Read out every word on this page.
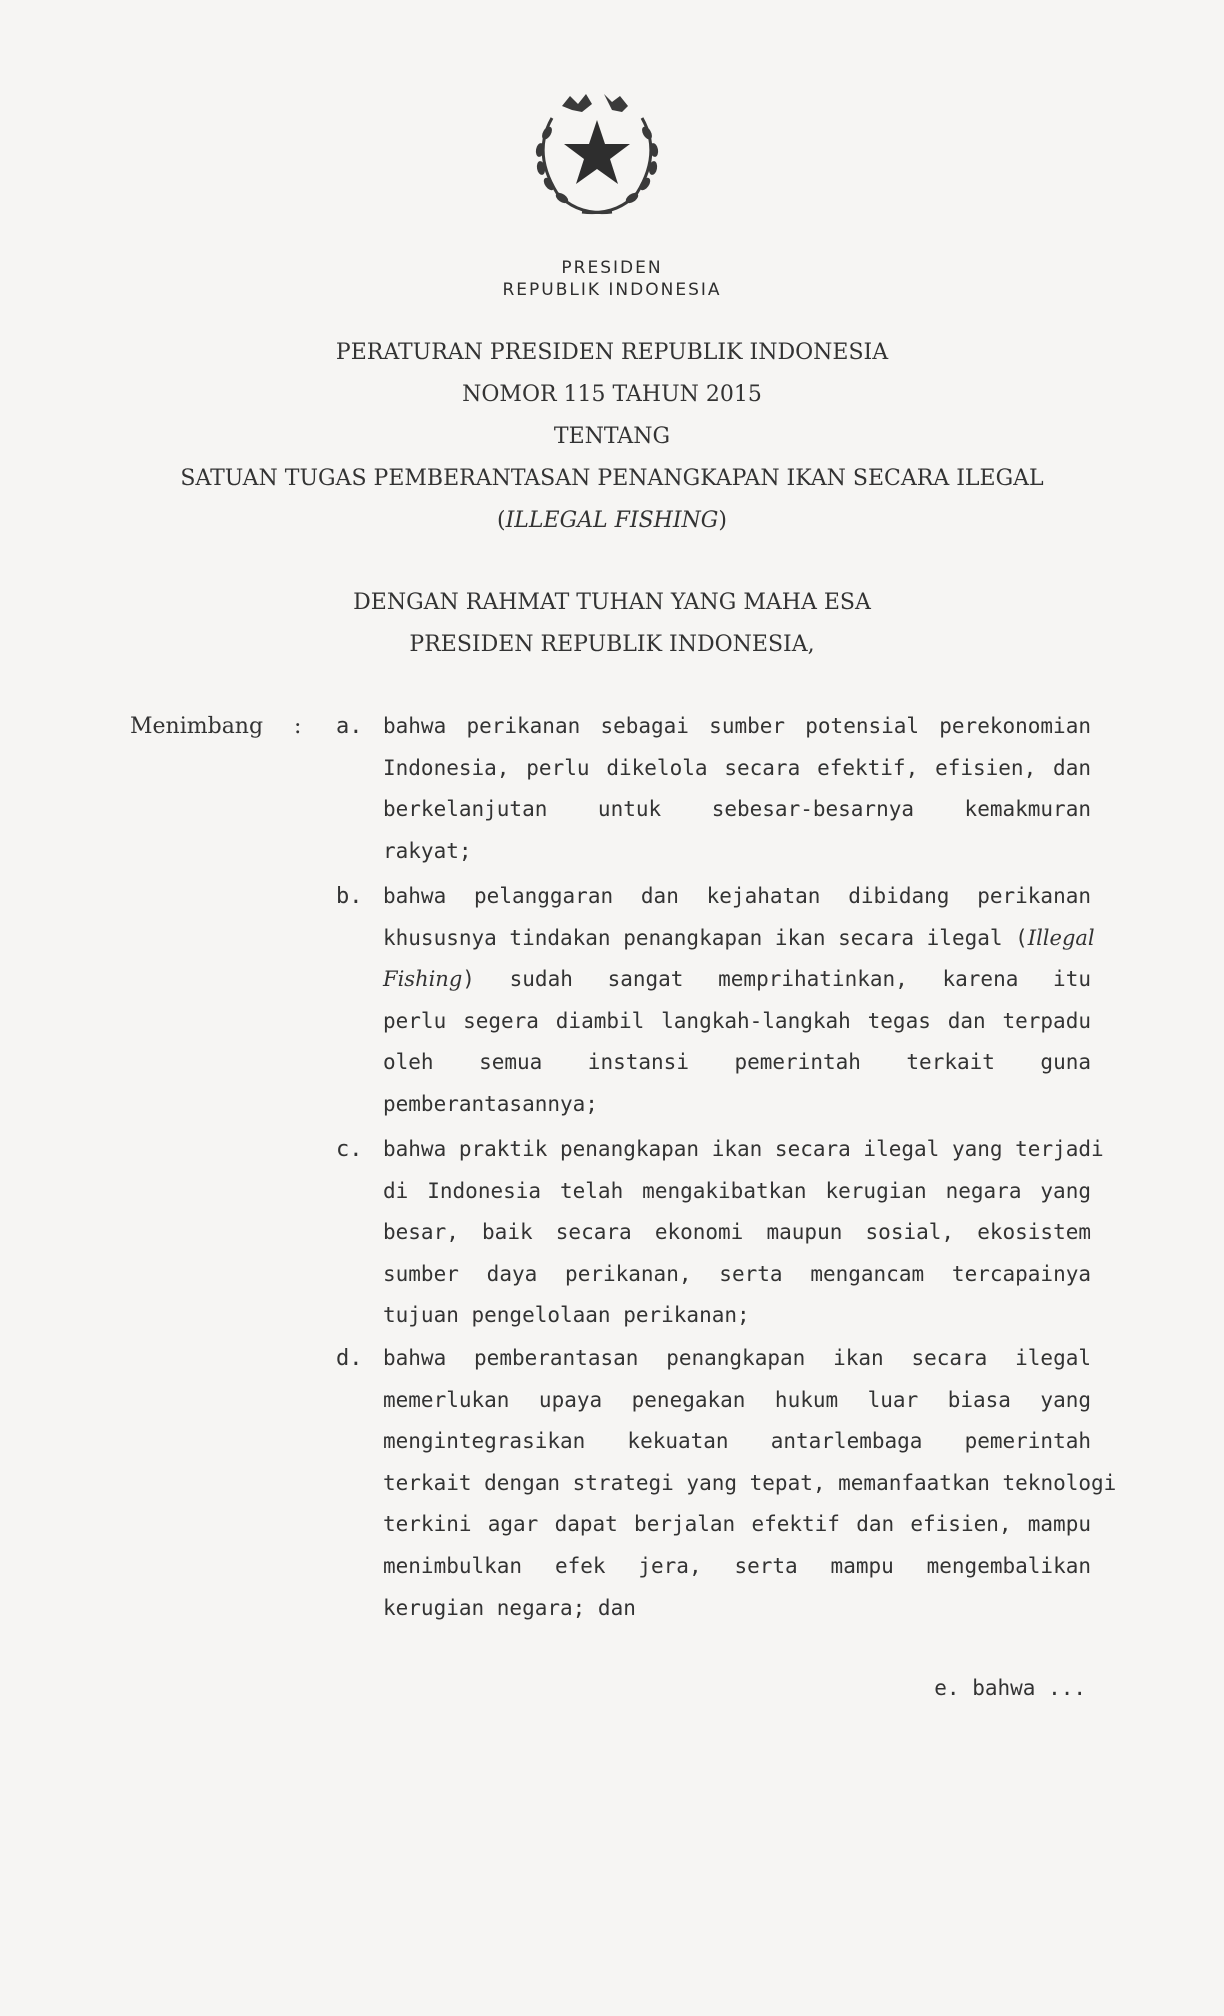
PRESIDEN
REPUBLIK INDONESIA
PERATURAN PRESIDEN REPUBLIK INDONESIA
NOMOR 115 TAHUN 2015
TENTANG
SATUAN TUGAS PEMBERANTASAN PENANGKAPAN IKAN SECARA ILEGAL
(ILLEGAL FISHING)
DENGAN RAHMAT TUHAN YANG MAHA ESA
PRESIDEN REPUBLIK INDONESIA,
Menimbang : a. bahwa perikanan sebagai sumber potensial perekonomian
Indonesia, perlu dikelola secara efektif, efisien, dan
berkelanjutan untuk sebesar-besarnya kemakmuran
rakyat;
b. bahwa pelanggaran dan kejahatan dibidang perikanan
khususnya tindakan penangkapan ikan secara ilegal (Illegal
Fishing) sudah sangat memprihatinkan, karena itu
perlu segera diambil langkah-langkah tegas dan terpadu
oleh semua instansi pemerintah terkait guna
pemberantasannya;
c. bahwa praktik penangkapan ikan secara ilegal yang terjadi
di Indonesia telah mengakibatkan kerugian negara yang
besar, baik secara ekonomi maupun sosial, ekosistem
sumber daya perikanan, serta mengancam tercapainya
tujuan pengelolaan perikanan;
d. bahwa pemberantasan penangkapan ikan secara ilegal
memerlukan upaya penegakan hukum luar biasa yang
mengintegrasikan kekuatan antarlembaga pemerintah
terkait dengan strategi yang tepat, memanfaatkan teknologi
terkini agar dapat berjalan efektif dan efisien, mampu
menimbulkan efek jera, serta mampu mengembalikan
kerugian negara; dan
e. bahwa ...
